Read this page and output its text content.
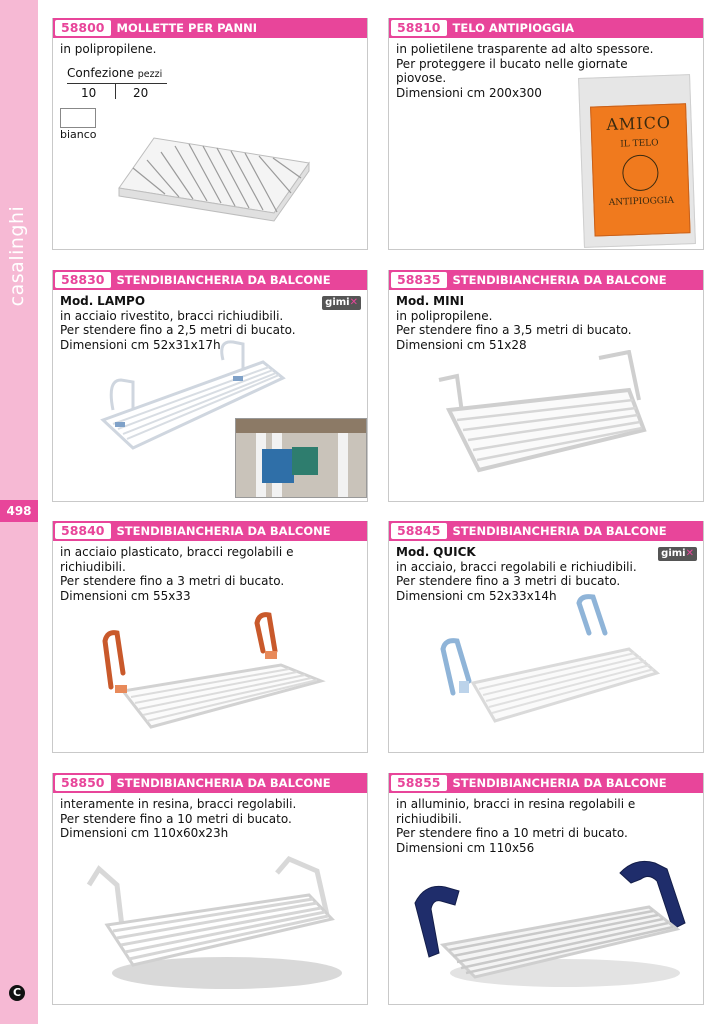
casalinghi
498
C
58800	MOLLETTE PER PANNI
in polipropilene.
Confezione pezzi
10	20
bianco
58810	TELO ANTIPIOGGIA
in polietilene trasparente ad alto spessore.
Per proteggere il bucato nelle giornate
piovose.
Dimensioni cm 200x300
AMICO
IL TELO
ANTIPIOGGIA
58830	STENDIBIANCHERIA DA BALCONE
gimi✕
Mod. LAMPO
in acciaio rivestito, bracci richiudibili.
Per stendere fino a 2,5 metri di bucato.
Dimensioni cm 52x31x17h
58835	STENDIBIANCHERIA DA BALCONE
Mod. MINI
in polipropilene.
Per stendere fino a 3,5 metri di bucato.
Dimensioni cm 51x28
58840	STENDIBIANCHERIA DA BALCONE
in acciaio plasticato, bracci regolabili e richiudibili.
Per stendere fino a 3 metri di bucato.
Dimensioni cm 55x33
58845	STENDIBIANCHERIA DA BALCONE
gimi✕
Mod. QUICK
in acciaio, bracci regolabili e richiudibili.
Per stendere fino a 3 metri di bucato.
Dimensioni cm 52x33x14h
58850	STENDIBIANCHERIA DA BALCONE
interamente in resina, bracci regolabili.
Per stendere fino a 10 metri di bucato.
Dimensioni cm 110x60x23h
58855	STENDIBIANCHERIA DA BALCONE
in alluminio, bracci in resina regolabili e richiudibili.
Per stendere fino a 10 metri di bucato.
Dimensioni cm 110x56
